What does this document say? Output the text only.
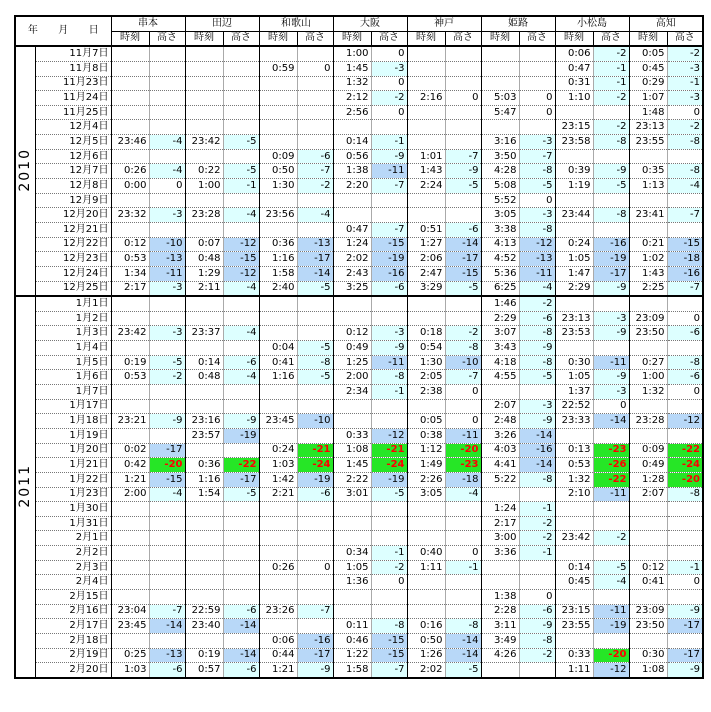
年 月 日		串本		田辺		和歌山		大阪		神戸		姫路		小松島		高知	
		時刻	高さ	時刻	高さ	時刻	高さ	時刻	高さ	時刻	高さ	時刻	高さ	時刻	高さ	時刻	高さ
2010	11月7日							1:00	0					0:06	-2	0:05	-2
	11月8日					0:59	0	1:45	-3					0:47	-1	0:45	-3
	11月23日							1:32	0					0:31	-1	0:29	-1
	11月24日							2:12	-2	2:16	0	5:03	0	1:10	-2	1:07	-3
	11月25日							2:56	0			5:47	0			1:48	0
	12月4日													23:15	-2	23:13	-2
	12月5日	23:46	-4	23:42	-5			0:14	-1			3:16	-3	23:58	-8	23:55	-8
	12月6日					0:09	-6	0:56	-9	1:01	-7	3:50	-7				
	12月7日	0:26	-4	0:22	-5	0:50	-7	1:38	-11	1:43	-9	4:28	-8	0:39	-9	0:35	-8
	12月8日	0:00	0	1:00	-1	1:30	-2	2:20	-7	2:24	-5	5:08	-5	1:19	-5	1:13	-4
	12月9日											5:52	0				
	12月20日	23:32	-3	23:28	-4	23:56	-4					3:05	-3	23:44	-8	23:41	-7
	12月21日							0:47	-7	0:51	-6	3:38	-8				
	12月22日	0:12	-10	0:07	-12	0:36	-13	1:24	-15	1:27	-14	4:13	-12	0:24	-16	0:21	-15
	12月23日	0:53	-13	0:48	-15	1:16	-17	2:02	-19	2:06	-17	4:52	-13	1:05	-19	1:02	-18
	12月24日	1:34	-11	1:29	-12	1:58	-14	2:43	-16	2:47	-15	5:36	-11	1:47	-17	1:43	-16
	12月25日	2:17	-3	2:11	-4	2:40	-5	3:25	-6	3:29	-5	6:25	-4	2:29	-9	2:25	-7
2011	1月1日											1:46	-2				
	1月2日											2:29	-6	23:13	-3	23:09	0
	1月3日	23:42	-3	23:37	-4			0:12	-3	0:18	-2	3:07	-8	23:53	-9	23:50	-6
	1月4日					0:04	-5	0:49	-9	0:54	-8	3:43	-9				
	1月5日	0:19	-5	0:14	-6	0:41	-8	1:25	-11	1:30	-10	4:18	-8	0:30	-11	0:27	-8
	1月6日	0:53	-2	0:48	-4	1:16	-5	2:00	-8	2:05	-7	4:55	-5	1:05	-9	1:00	-6
	1月7日							2:34	-1	2:38	0			1:37	-3	1:32	0
	1月17日											2:07	-3	22:52	0		
	1月18日	23:21	-9	23:16	-9	23:45	-10			0:05	0	2:48	-9	23:33	-14	23:28	-12
	1月19日			23:57	-19			0:33	-12	0:38	-11	3:26	-14				
	1月20日	0:02	-17			0:24	-21	1:08	-21	1:12	-20	4:03	-16	0:13	-23	0:09	-22
	1月21日	0:42	-20	0:36	-22	1:03	-24	1:45	-24	1:49	-23	4:41	-14	0:53	-26	0:49	-24
	1月22日	1:21	-15	1:16	-17	1:42	-19	2:22	-19	2:26	-18	5:22	-8	1:32	-22	1:28	-20
	1月23日	2:00	-4	1:54	-5	2:21	-6	3:01	-5	3:05	-4			2:10	-11	2:07	-8
	1月30日											1:24	-1				
	1月31日											2:17	-2				
	2月1日											3:00	-2	23:42	-2		
	2月2日							0:34	-1	0:40	0	3:36	-1				
	2月3日					0:26	0	1:05	-2	1:11	-1			0:14	-5	0:12	-1
	2月4日							1:36	0					0:45	-4	0:41	0
	2月15日											1:38	0				
	2月16日	23:04	-7	22:59	-6	23:26	-7					2:28	-6	23:15	-11	23:09	-9
	2月17日	23:45	-14	23:40	-14			0:11	-8	0:16	-8	3:11	-9	23:55	-19	23:50	-17
	2月18日					0:06	-16	0:46	-15	0:50	-14	3:49	-8				
	2月19日	0:25	-13	0:19	-14	0:44	-17	1:22	-15	1:26	-14	4:26	-2	0:33	-20	0:30	-17
	2月20日	1:03	-6	0:57	-6	1:21	-9	1:58	-7	2:02	-5			1:11	-12	1:08	-9
